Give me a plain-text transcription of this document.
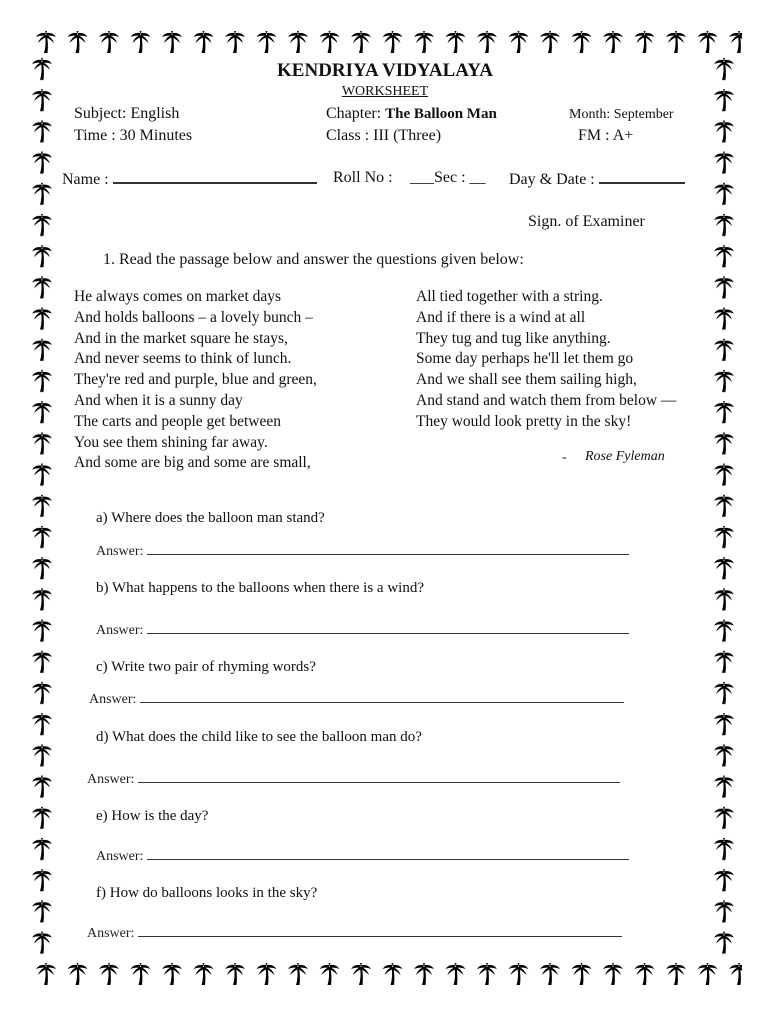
KENDRIYA VIDYALAYA
WORKSHEET
Subject: English
Time : 30 Minutes
Chapter: The Balloon Man
Class : III (Three)
Month: September
FM : A+
Name :	Roll No : ___Sec : __ Day & Date :
Sign. of Examiner
1. Read the passage below and answer the questions given below:
He always comes on market days
And holds balloons – a lovely bunch –
And in the market square he stays,
And never seems to think of lunch.
They're red and purple, blue and green,
And when it is a sunny day
The carts and people get between
You see them shining far away.
And some are big and some are small,
All tied together with a string.
And if there is a wind at all
They tug and tug like anything.
Some day perhaps he'll let them go
And we shall see them sailing high,
And stand and watch them from below —
They would look pretty in the sky!
- Rose Fyleman
a) Where does the balloon man stand?
Answer:
b) What happens to the balloons when there is a wind?
Answer:
c) Write two pair of rhyming words?
Answer:
d) What does the child like to see the balloon man do?
Answer:
e) How is the day?
Answer:
f) How do balloons looks in the sky?
Answer:
